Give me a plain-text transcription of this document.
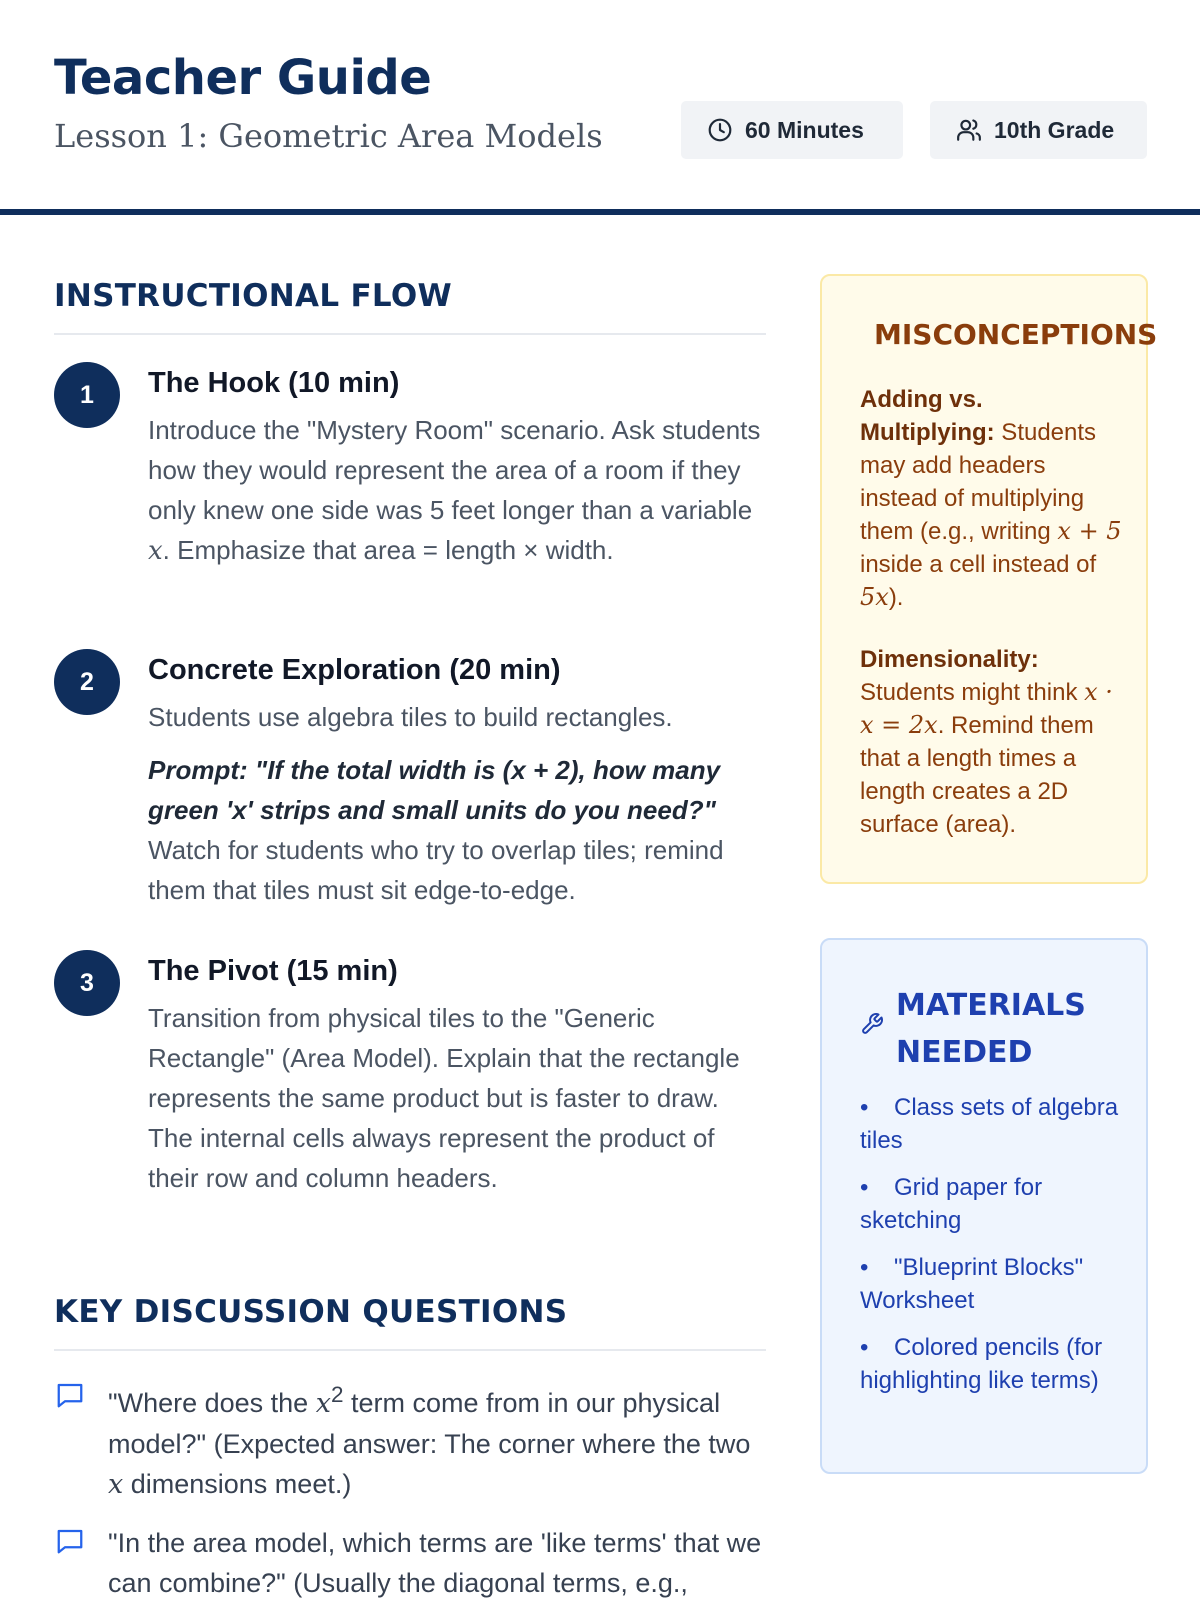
Teacher Guide
Lesson 1: Geometric Area Models	60 Minutes	10th Grade
INSTRUCTIONAL FLOW
1	The Hook (10 min)

Introduce the "Mystery Room" scenario. Ask students how they would represent the area of a room if they only knew one side was 5 feet longer than a variable x. Emphasize that area = length × width.

2	Concrete Exploration (20 min)

Students use algebra tiles to build rectangles.

Prompt: "If the total width is (x + 2), how many green 'x' strips and small units do you need?" Watch for students who try to overlap tiles; remind them that tiles must sit edge-to-edge.

3	The Pivot (15 min)

Transition from physical tiles to the "Generic Rectangle" (Area Model). Explain that the rectangle represents the same product but is faster to draw. The internal cells always represent the product of their row and column headers.

KEY DISCUSSION QUESTIONS

"Where does the $x^2$ term come from in our physical model?" (Expected answer: The corner where the two x dimensions meet.)

"In the area model, which terms are 'like terms' that we can combine?" (Usually the diagonal terms, e.g.,

MISCONCEPTIONS

Adding vs. Multiplying: Students may add headers instead of multiplying them (e.g., writing x + 5 inside a cell instead of 5x).

Dimensionality: Students might think x · x = 2x. Remind them that a length times a length creates a 2D surface (area).

MATERIALS NEEDED
• Class sets of algebra tiles
• Grid paper for sketching
• "Blueprint Blocks" Worksheet
• Colored pencils (for highlighting like terms)
